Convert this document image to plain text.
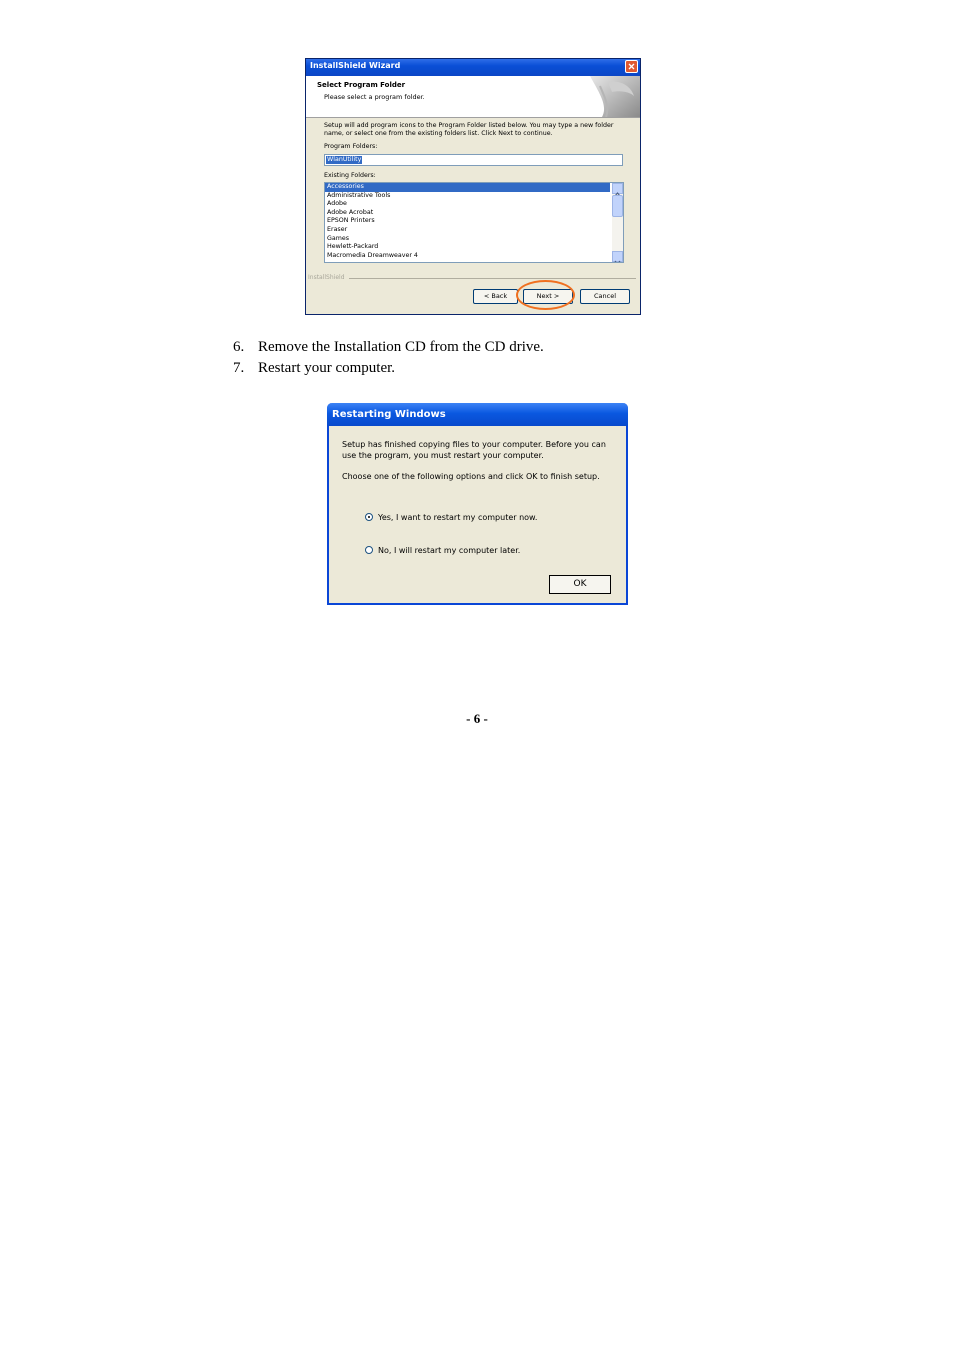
InstallShield Wizard
Select Program Folder
Please select a program folder.
Setup will add program icons to the Program Folder listed below. You may type a new folder name, or select one from the existing folders list. Click Next to continue.
Program Folders:
WlanUtility
Existing Folders:
Accessories
Administrative Tools
Adobe
Adobe Acrobat
EPSON Printers
Eraser
Games
Hewlett-Packard
Macromedia Dreamweaver 4
InstallShield
< Back	Next >	Cancel
6. Remove the Installation CD from the CD drive.
7. Restart your computer.
Restarting Windows
Setup has finished copying files to your computer. Before you can use the program, you must restart your computer.
Choose one of the following options and click OK to finish setup.
Yes, I want to restart my computer now.
No, I will restart my computer later.
OK
- 6 -
